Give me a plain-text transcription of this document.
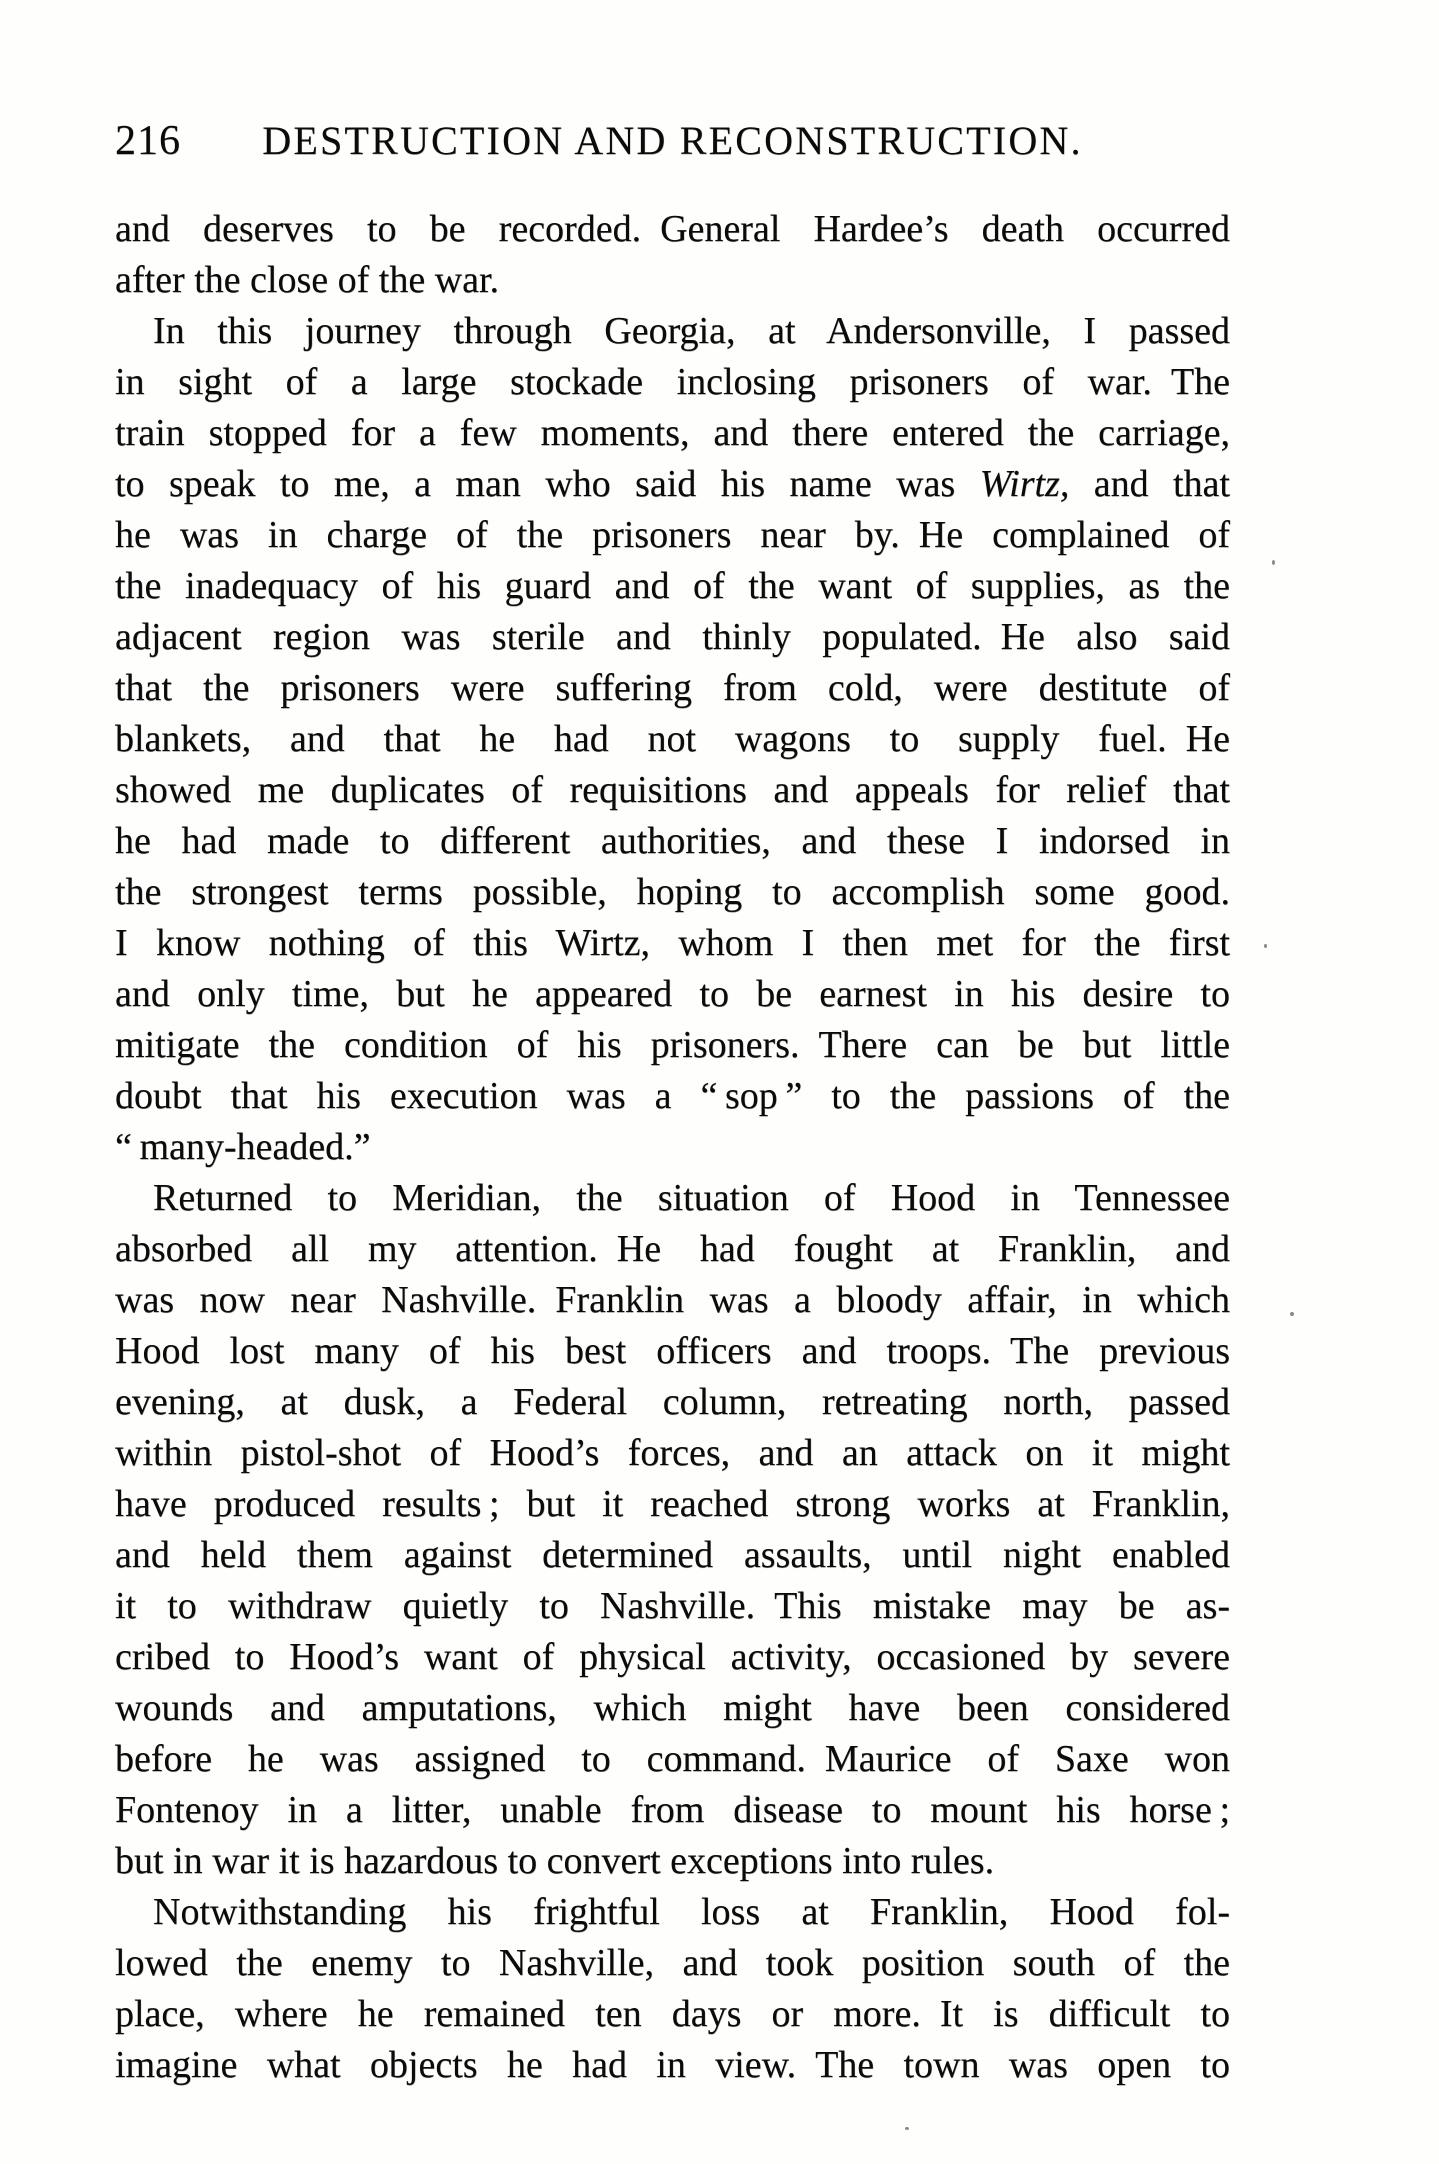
216	DESTRUCTION AND RECONSTRUCTION.
and deserves to be recorded. General Hardee’s death occurred
after the close of the war.
In this journey through Georgia, at Andersonville, I passed
in sight of a large stockade inclosing prisoners of war. The
train stopped for a few moments, and there entered the carriage,
to speak to me, a man who said his name was Wirtz, and that
he was in charge of the prisoners near by. He complained of
the inadequacy of his guard and of the want of supplies, as the
adjacent region was sterile and thinly populated. He also said
that the prisoners were suffering from cold, were destitute of
blankets, and that he had not wagons to supply fuel. He
showed me duplicates of requisitions and appeals for relief that
he had made to different authorities, and these I indorsed in
the strongest terms possible, hoping to accomplish some good.
I know nothing of this Wirtz, whom I then met for the first
and only time, but he appeared to be earnest in his desire to
mitigate the condition of his prisoners. There can be but little
doubt that his execution was a “ sop ” to the passions of the
“ many-headed.”
Returned to Meridian, the situation of Hood in Tennessee
absorbed all my attention. He had fought at Franklin, and
was now near Nashville. Franklin was a bloody affair, in which
Hood lost many of his best officers and troops. The previous
evening, at dusk, a Federal column, retreating north, passed
within pistol-shot of Hood’s forces, and an attack on it might
have produced results ; but it reached strong works at Franklin,
and held them against determined assaults, until night enabled
it to withdraw quietly to Nashville. This mistake may be as-
cribed to Hood’s want of physical activity, occasioned by severe
wounds and amputations, which might have been considered
before he was assigned to command. Maurice of Saxe won
Fontenoy in a litter, unable from disease to mount his horse ;
but in war it is hazardous to convert exceptions into rules.
Notwithstanding his frightful loss at Franklin, Hood fol-
lowed the enemy to Nashville, and took position south of the
place, where he remained ten days or more. It is difficult to
imagine what objects he had in view. The town was open to
